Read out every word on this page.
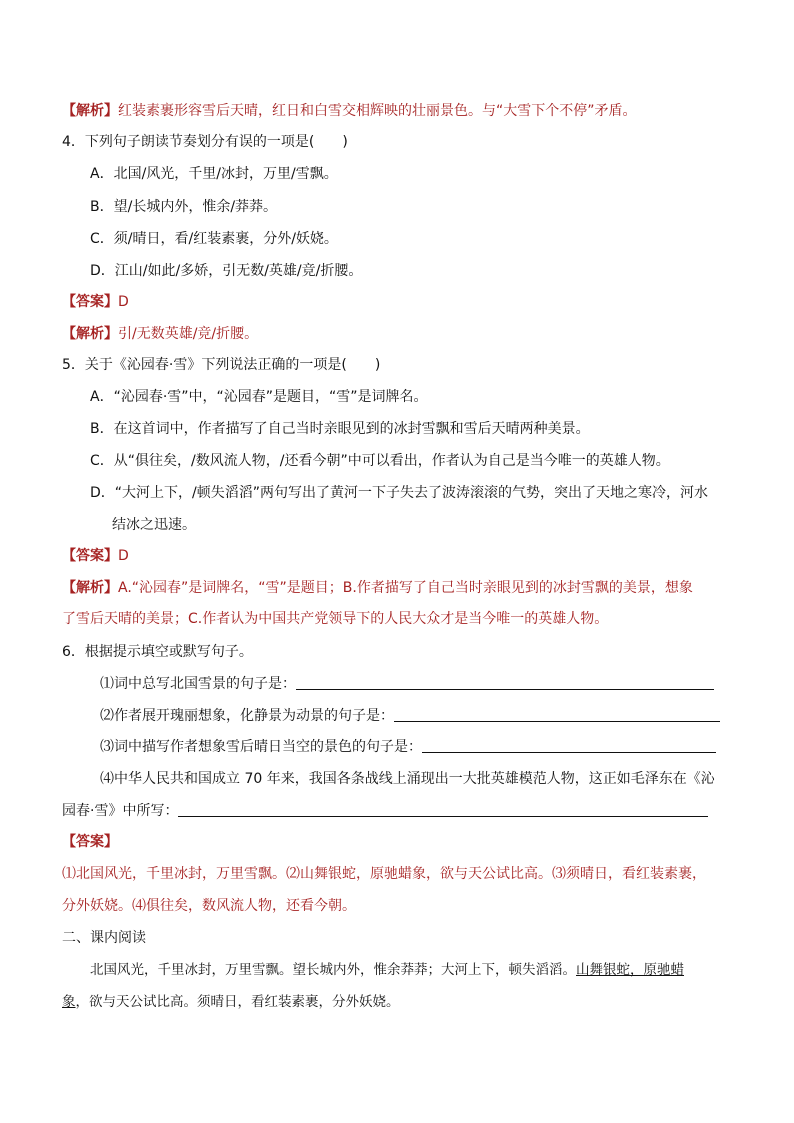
【解析】红装素裹形容雪后天晴，红日和白雪交相辉映的壮丽景色。与“大雪下个不停”矛盾。
4．下列句子朗读节奏划分有误的一项是(　　)
A．北国/风光，千里/冰封，万里/雪飘。
B．望/长城内外，惟余/莽莽。
C．须/晴日，看/红装素裹，分外/妖娆。
D．江山/如此/多娇，引无数/英雄/竞/折腰。
【答案】D
【解析】引/无数英雄/竞/折腰。
5．关于《沁园春·雪》下列说法正确的一项是(　　)
A．“沁园春·雪”中，“沁园春”是题目，“雪”是词牌名。
B．在这首词中，作者描写了自己当时亲眼见到的冰封雪飘和雪后天晴两种美景。
C．从“俱往矣，/数风流人物，/还看今朝”中可以看出，作者认为自己是当今唯一的英雄人物。
D．“大河上下，/顿失滔滔”两句写出了黄河一下子失去了波涛滚滚的气势，突出了天地之寒冷，河水
结冰之迅速。
【答案】D
【解析】A.“沁园春”是词牌名，“雪”是题目；B.作者描写了自己当时亲眼见到的冰封雪飘的美景，想象
了雪后天晴的美景；C.作者认为中国共产党领导下的人民大众才是当今唯一的英雄人物。
6．根据提示填空或默写句子。
⑴词中总写北国雪景的句子是：
⑵作者展开瑰丽想象，化静景为动景的句子是：
⑶词中描写作者想象雪后晴日当空的景色的句子是：
⑷中华人民共和国成立 70 年来，我国各条战线上涌现出一大批英雄模范人物，这正如毛泽东在《沁
园春·雪》中所写：
【答案】
⑴北国风光，千里冰封，万里雪飘。⑵山舞银蛇，原驰蜡象，欲与天公试比高。⑶须晴日，看红装素裹，
分外妖娆。⑷俱往矣，数风流人物，还看今朝。
二、课内阅读
北国风光，千里冰封，万里雪飘。望长城内外，惟余莽莽；大河上下，顿失滔滔。山舞银蛇，原驰蜡
象，欲与天公试比高。须晴日，看红装素裹，分外妖娆。
